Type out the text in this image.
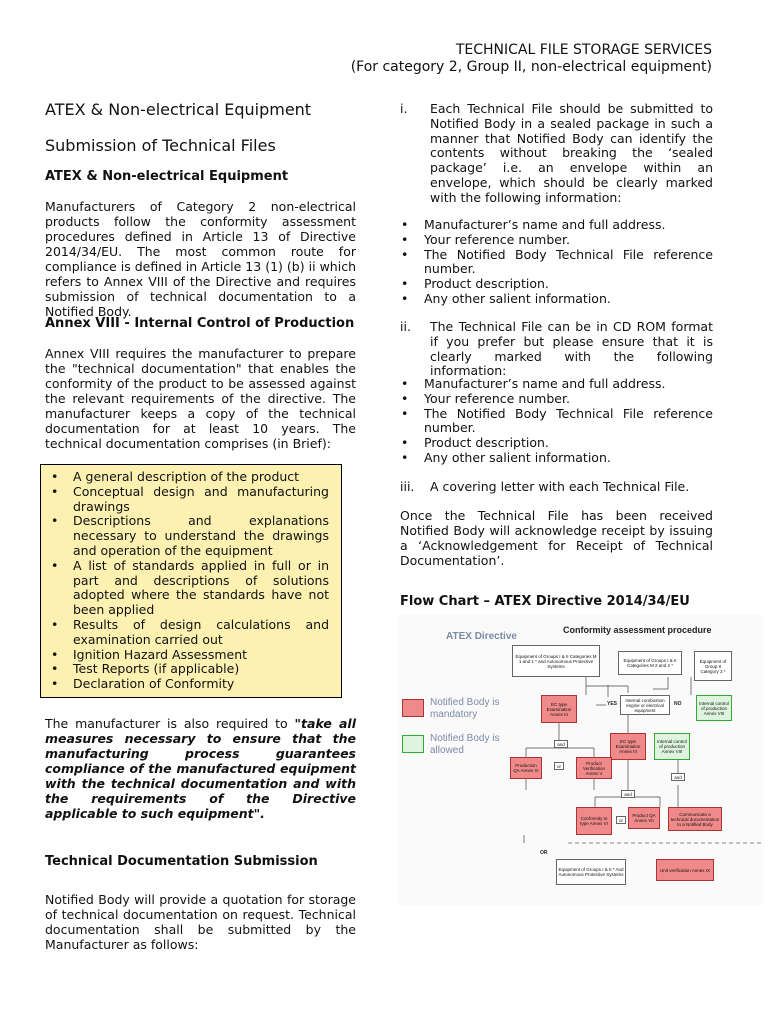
TECHNICAL FILE STORAGE SERVICES
(For category 2, Group II, non-electrical equipment)
ATEX & Non-electrical Equipment
Submission of Technical Files
ATEX & Non-electrical Equipment

Manufacturers of Category 2 non-electrical products follow the conformity assessment procedures defined in Article 13 of Directive 2014/34/EU. The most common route for compliance is defined in Article 13 (1) (b) ii which refers to Annex VIII of the Directive and requires submission of technical documentation to a Notified Body.

Annex VIII - Internal Control of Production

Annex VIII requires the manufacturer to prepare the "technical documentation" that enables the conformity of the product to be assessed against the relevant requirements of the directive. The manufacturer keeps a copy of the technical documentation for at least 10 years. The technical documentation comprises (in Brief):

• A general description of the product
• Conceptual design and manufacturing drawings
• Descriptions and explanations necessary to understand the drawings and operation of the equipment
• A list of standards applied in full or in part and descriptions of solutions adopted where the standards have not been applied
• Results of design calculations and examination carried out
• Ignition Hazard Assessment
• Test Reports (if applicable)
• Declaration of Conformity

The manufacturer is also required to "take all measures necessary to ensure that the manufacturing process guarantees compliance of the manufactured equipment with the technical documentation and with the requirements of the Directive applicable to such equipment".

Technical Documentation Submission

Notified Body will provide a quotation for storage of technical documentation on request. Technical documentation shall be submitted by the Manufacturer as follows:

i.	Each Technical File should be submitted to Notified Body in a sealed package in such a manner that Notified Body can identify the contents without breaking the ‘sealed package’ i.e. an envelope within an envelope, which should be clearly marked with the following information:
• Manufacturer’s name and full address.
• Your reference number.
• The Notified Body Technical File reference number.
• Product description.
• Any other salient information.
ii.	The Technical File can be in CD ROM format if you prefer but please ensure that it is clearly marked with the following information:
• Manufacturer’s name and full address.
• Your reference number.
• The Notified Body Technical File reference number.
• Product description.
• Any other salient information.
iii.	A covering letter with each Technical File.

Once the Technical File has been received Notified Body will acknowledge receipt by issuing a ‘Acknowledgement for Receipt of Technical Documentation’.

Flow Chart – ATEX Directive 2014/34/EU
ATEX Directive
Conformity assessment procedure
Notified Body is mandatory
Notified Body is allowed
Equipment of Groups I & II Categories M 1 and 1 * and Autonomous Protective Systems
Equipment of Groups I & II Categories M 2 and 2 *
Equipment of Group II Category 3 *
EC type Examination Annex III
Internal combustion engine or electrical equipment
YES	NO	Internal control of production Annex VIII
and	EC type Examination Annex III
Internal control of production Annex VIII
Production QA Annex IV
or
Product Verification Annex V
and
and
Conformity to type Annex VI
or
Product QA Annex VII
Communicate a technical documentation to a Notified Body
OR
Equipment of Groups I & II * And Autonomous Protective Systems
Unit verification Annex IX
